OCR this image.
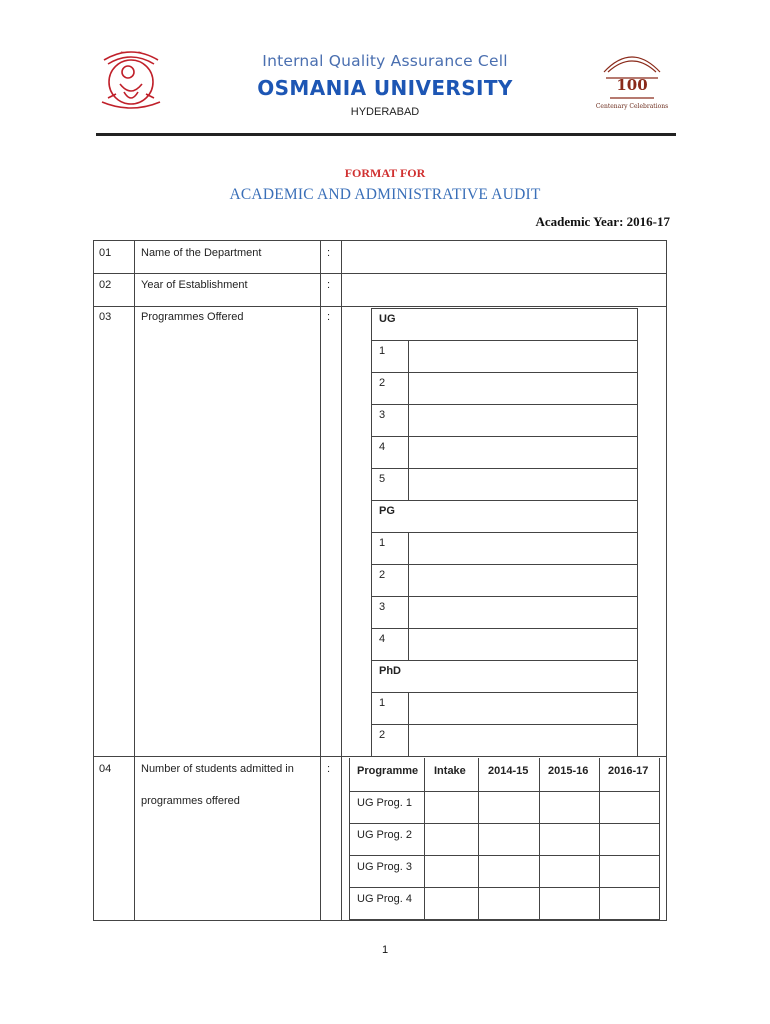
~ ~ ~ ~
100
Centenary Celebrations
Internal Quality Assurance Cell
OSMANIA UNIVERSITY
HYDERABAD
FORMAT FOR
ACADEMIC AND ADMINISTRATIVE AUDIT
Academic Year: 2016-17
01	Name of the Department	:
02	Year of Establishment	:
03	Programmes Offered	:	UG
1
2
3
4
5
PG
1
2
3
4
PhD
1
2
04	Number of students admitted in
programmes offered
: Programme Intake 2014-15 2015-16 2016-17
UG Prog. 1
UG Prog. 2
UG Prog. 3
UG Prog. 4
1
